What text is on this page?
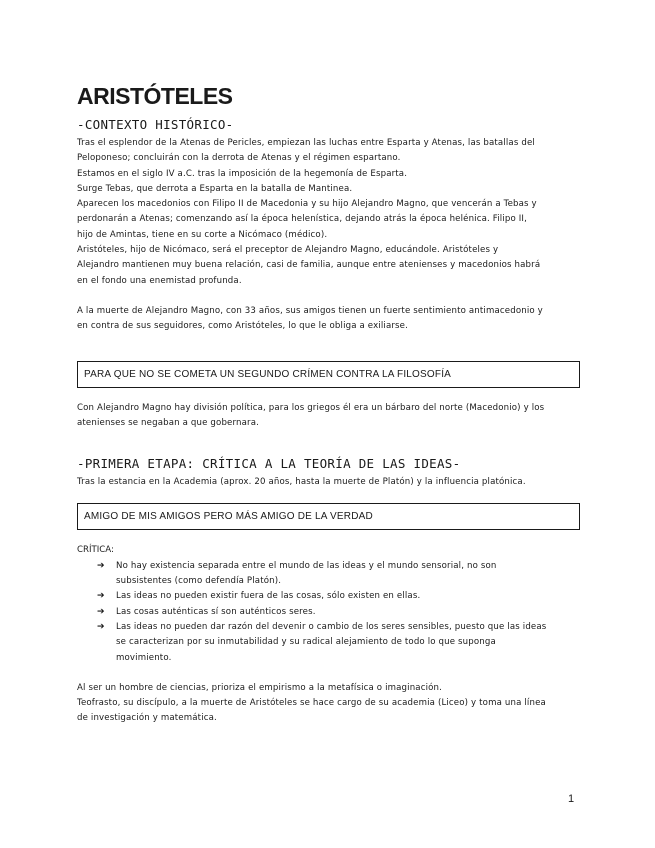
ARISTÓTELES
-CONTEXTO HISTÓRICO-

Tras el esplendor de la Atenas de Pericles, empiezan las luchas entre Esparta y Atenas, las batallas del

Peloponeso; concluirán con la derrota de Atenas y el régimen espartano.

Estamos en el siglo IV a.C. tras la imposición de la hegemonía de Esparta.

Surge Tebas, que derrota a Esparta en la batalla de Mantinea.

Aparecen los macedonios con Filipo II de Macedonia y su hijo Alejandro Magno, que vencerán a Tebas y

perdonarán a Atenas; comenzando así la época helenística, dejando atrás la época helénica. Filipo II,

hijo de Amintas, tiene en su corte a Nicómaco (médico).

Aristóteles, hijo de Nicómaco, será el preceptor de Alejandro Magno, educándole. Aristóteles y

Alejandro mantienen muy buena relación, casi de familia, aunque entre atenienses y macedonios habrá

en el fondo una enemistad profunda.

A la muerte de Alejandro Magno, con 33 años, sus amigos tienen un fuerte sentimiento antimacedonio y

en contra de sus seguidores, como Aristóteles, lo que le obliga a exiliarse.

PARA QUE NO SE COMETA UN SEGUNDO CRÍMEN CONTRA LA FILOSOFÍA

Con Alejandro Magno hay división política, para los griegos él era un bárbaro del norte (Macedonio) y los

atenienses se negaban a que gobernara.

-PRIMERA ETAPA: CRÍTICA A LA TEORÍA DE LAS IDEAS-

Tras la estancia en la Academia (aprox. 20 años, hasta la muerte de Platón) y la influencia platónica.

AMIGO DE MIS AMIGOS PERO MÁS AMIGO DE LA VERDAD

CRÍTICA:

➔ No hay existencia separada entre el mundo de las ideas y el mundo sensorial, no son
subsistentes (como defendía Platón).
➔ Las ideas no pueden existir fuera de las cosas, sólo existen en ellas.
➔ Las cosas auténticas sí son auténticos seres.
➔ Las ideas no pueden dar razón del devenir o cambio de los seres sensibles, puesto que las ideas
se caracterizan por su inmutabilidad y su radical alejamiento de todo lo que suponga
movimiento.

Al ser un hombre de ciencias, prioriza el empirismo a la metafísica o imaginación.

Teofrasto, su discípulo, a la muerte de Aristóteles se hace cargo de su academia (Liceo) y toma una línea

de investigación y matemática.

1
